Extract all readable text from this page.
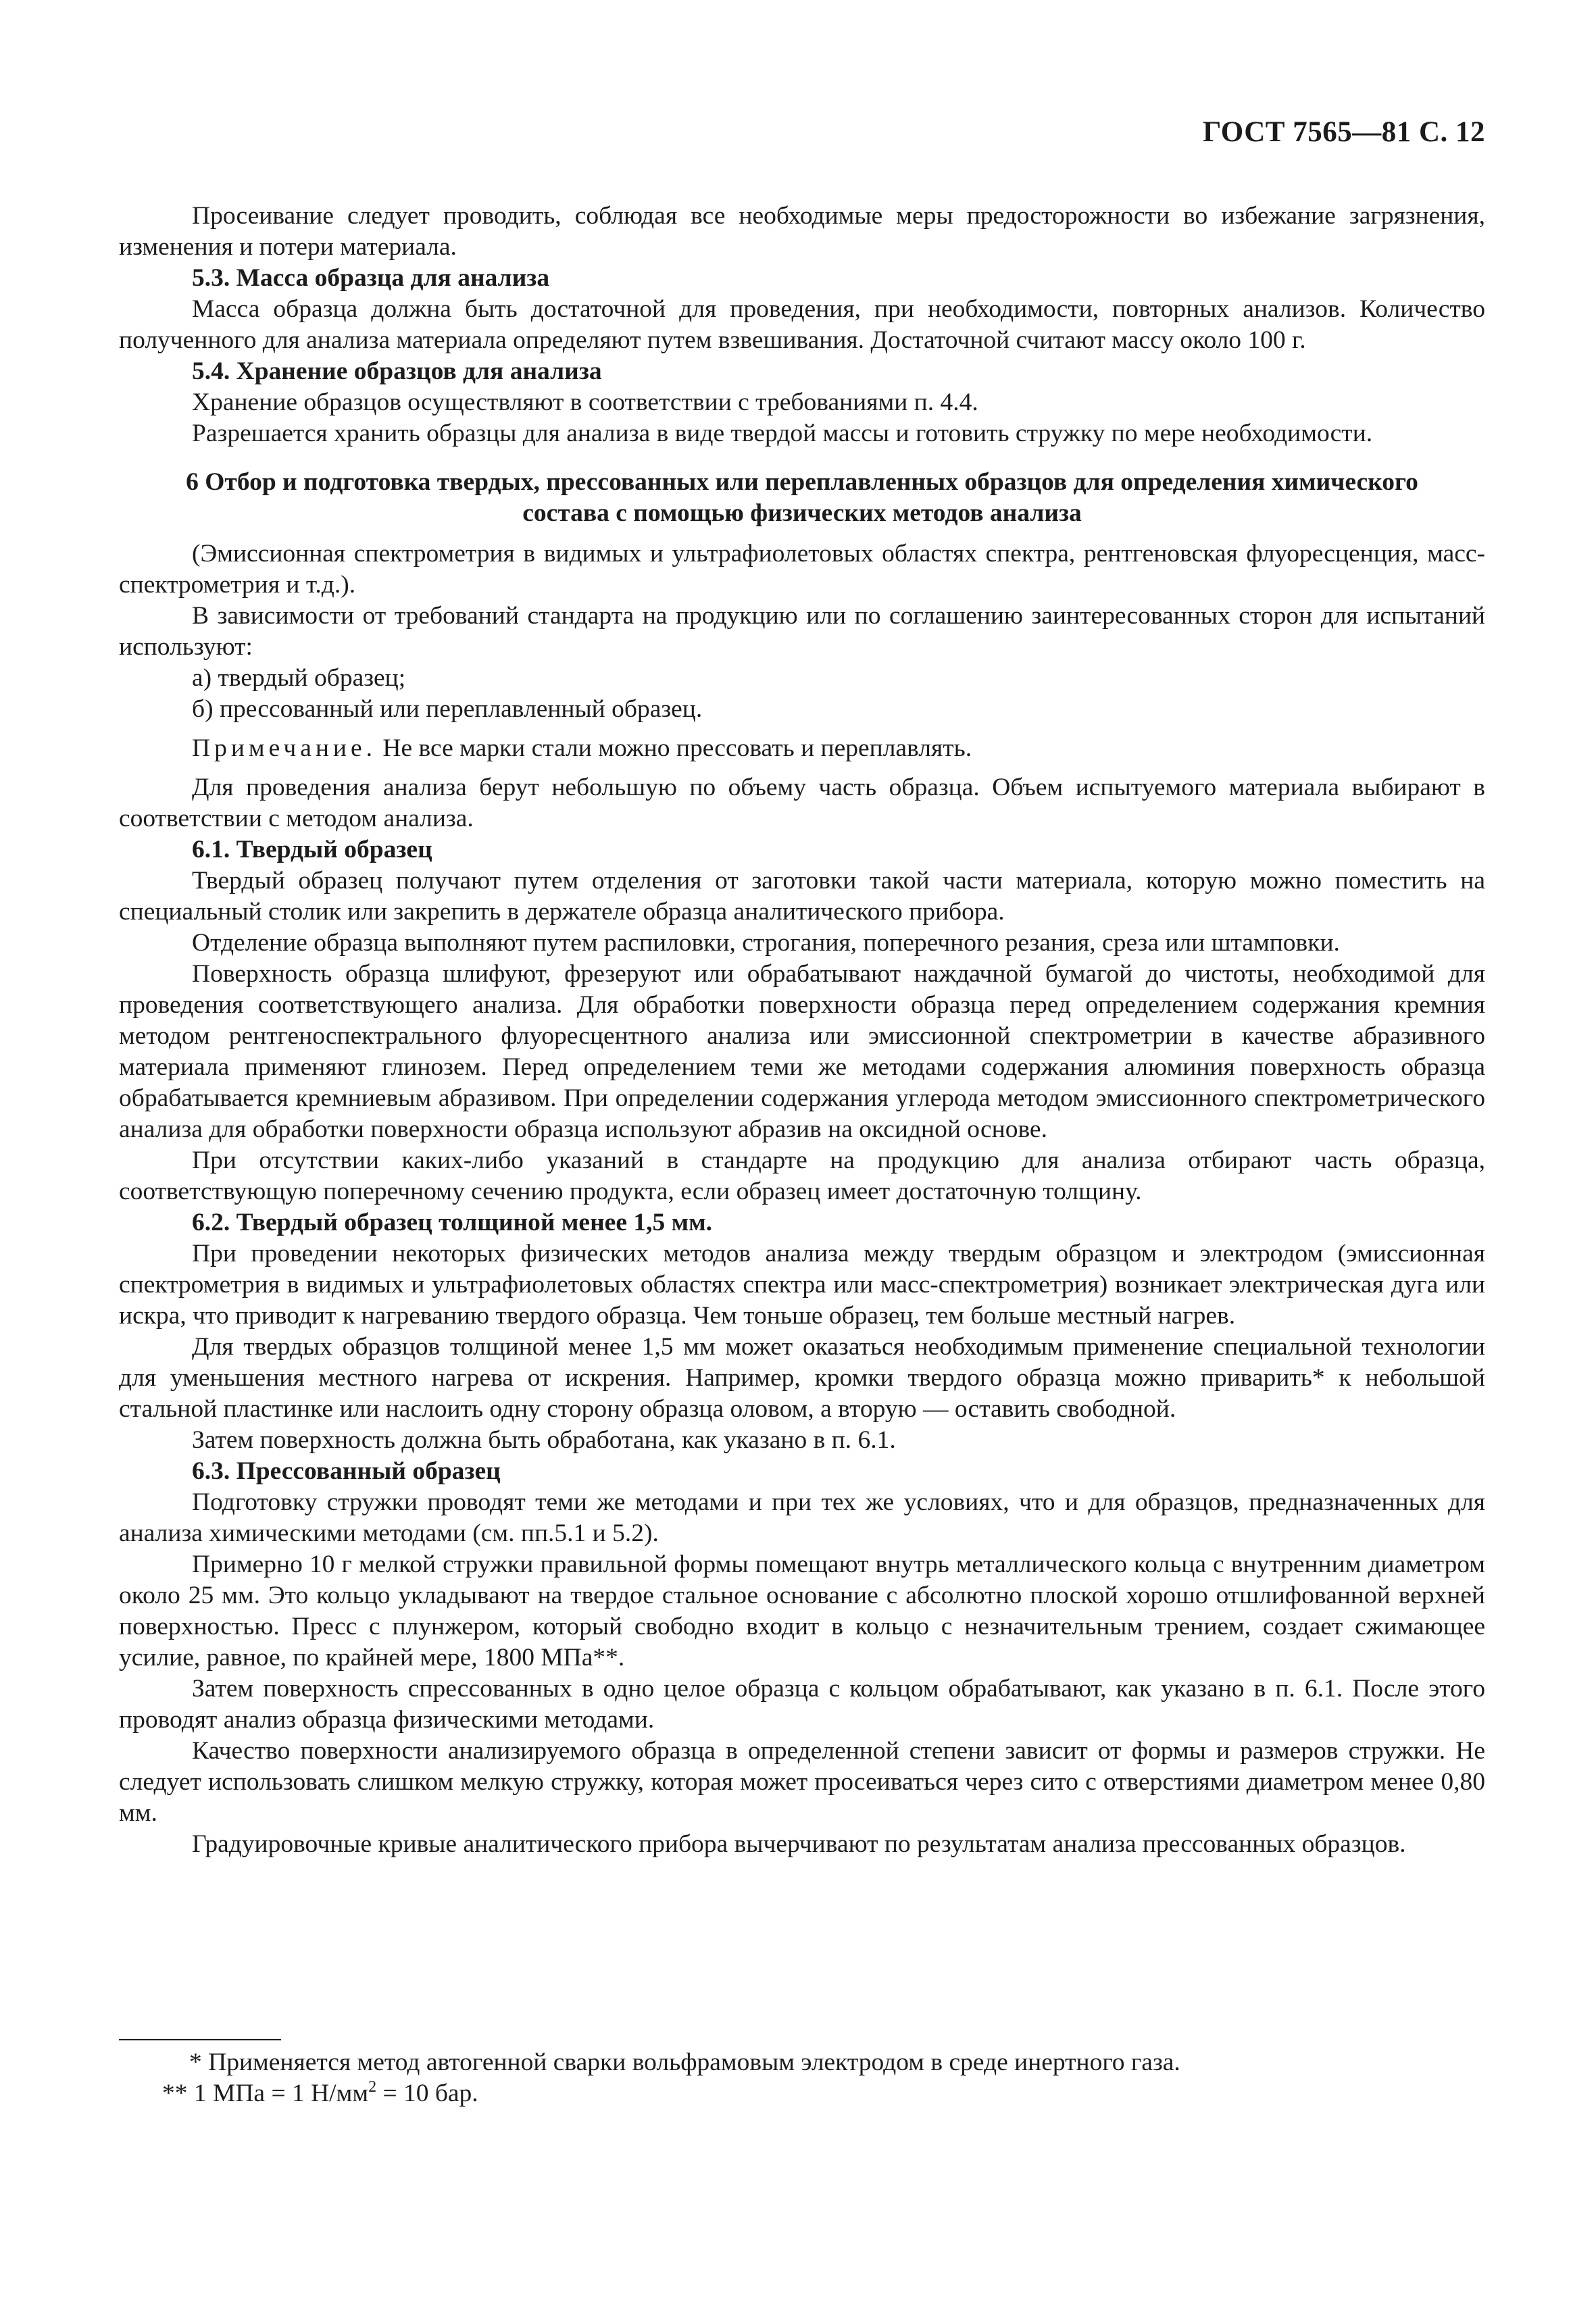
ГОСТ 7565—81 С. 12

Просеивание следует проводить, соблюдая все необходимые меры предосторожности во избежание загрязнения, изменения и потери материала.

5.3. Масса образца для анализа

Масса образца должна быть достаточной для проведения, при необходимости, повторных анализов. Количество полученного для анализа материала определяют путем взвешивания. Достаточной считают массу около 100 г.

5.4. Хранение образцов для анализа

Хранение образцов осуществляют в соответствии с требованиями п. 4.4.

Разрешается хранить образцы для анализа в виде твердой массы и готовить стружку по мере необходимости.

6 Отбор и подготовка твердых, прессованных или переплавленных образцов для определения химического состава с помощью физических методов анализа

(Эмиссионная спектрометрия в видимых и ультрафиолетовых областях спектра, рентгеновская флуоресценция, масс-спектрометрия и т.д.).

В зависимости от требований стандарта на продукцию или по соглашению заинтересованных сторон для испытаний используют:

а) твердый образец;

б) прессованный или переплавленный образец.

Примечание. Не все марки стали можно прессовать и переплавлять.

Для проведения анализа берут небольшую по объему часть образца. Объем испытуемого материала выбирают в соответствии с методом анализа.

6.1. Твердый образец

Твердый образец получают путем отделения от заготовки такой части материала, которую можно поместить на специальный столик или закрепить в держателе образца аналитического прибора.

Отделение образца выполняют путем распиловки, строгания, поперечного резания, среза или штамповки.

Поверхность образца шлифуют, фрезеруют или обрабатывают наждачной бумагой до чистоты, необходимой для проведения соответствующего анализа. Для обработки поверхности образца перед определением содержания кремния методом рентгеноспектрального флуоресцентного анализа или эмиссионной спектрометрии в качестве абразивного материала применяют глинозем. Перед определением теми же методами содержания алюминия поверхность образца обрабатывается кремниевым абразивом. При определении содержания углерода методом эмиссионного спектрометрического анализа для обработки поверхности образца используют абразив на оксидной основе.

При отсутствии каких-либо указаний в стандарте на продукцию для анализа отбирают часть образца, соответствующую поперечному сечению продукта, если образец имеет достаточную толщину.

6.2. Твердый образец толщиной менее 1,5 мм.

При проведении некоторых физических методов анализа между твердым образцом и электродом (эмиссионная спектрометрия в видимых и ультрафиолетовых областях спектра или масс-спектрометрия) возникает электрическая дуга или искра, что приводит к нагреванию твердого образца. Чем тоньше образец, тем больше местный нагрев.

Для твердых образцов толщиной менее 1,5 мм может оказаться необходимым применение специальной технологии для уменьшения местного нагрева от искрения. Например, кромки твердого образца можно приварить* к небольшой стальной пластинке или наслоить одну сторону образца оловом, а вторую — оставить свободной.

Затем поверхность должна быть обработана, как указано в п. 6.1.

6.3. Прессованный образец

Подготовку стружки проводят теми же методами и при тех же условиях, что и для образцов, предназначенных для анализа химическими методами (см. пп.5.1 и 5.2).

Примерно 10 г мелкой стружки правильной формы помещают внутрь металлического кольца с внутренним диаметром около 25 мм. Это кольцо укладывают на твердое стальное основание с абсолютно плоской хорошо отшлифованной верхней поверхностью. Пресс с плунжером, который свободно входит в кольцо с незначительным трением, создает сжимающее усилие, равное, по крайней мере, 1800 МПа**.

Затем поверхность спрессованных в одно целое образца с кольцом обрабатывают, как указано в п. 6.1. После этого проводят анализ образца физическими методами.

Качество поверхности анализируемого образца в определенной степени зависит от формы и размеров стружки. Не следует использовать слишком мелкую стружку, которая может просеиваться через сито с отверстиями диаметром менее 0,80 мм.

Градуировочные кривые аналитического прибора вычерчивают по результатам анализа прессованных образцов.

* Применяется метод автогенной сварки вольфрамовым электродом в среде инертного газа.

** 1 МПа = 1 $Н/мм^2 = 10$ бар.
